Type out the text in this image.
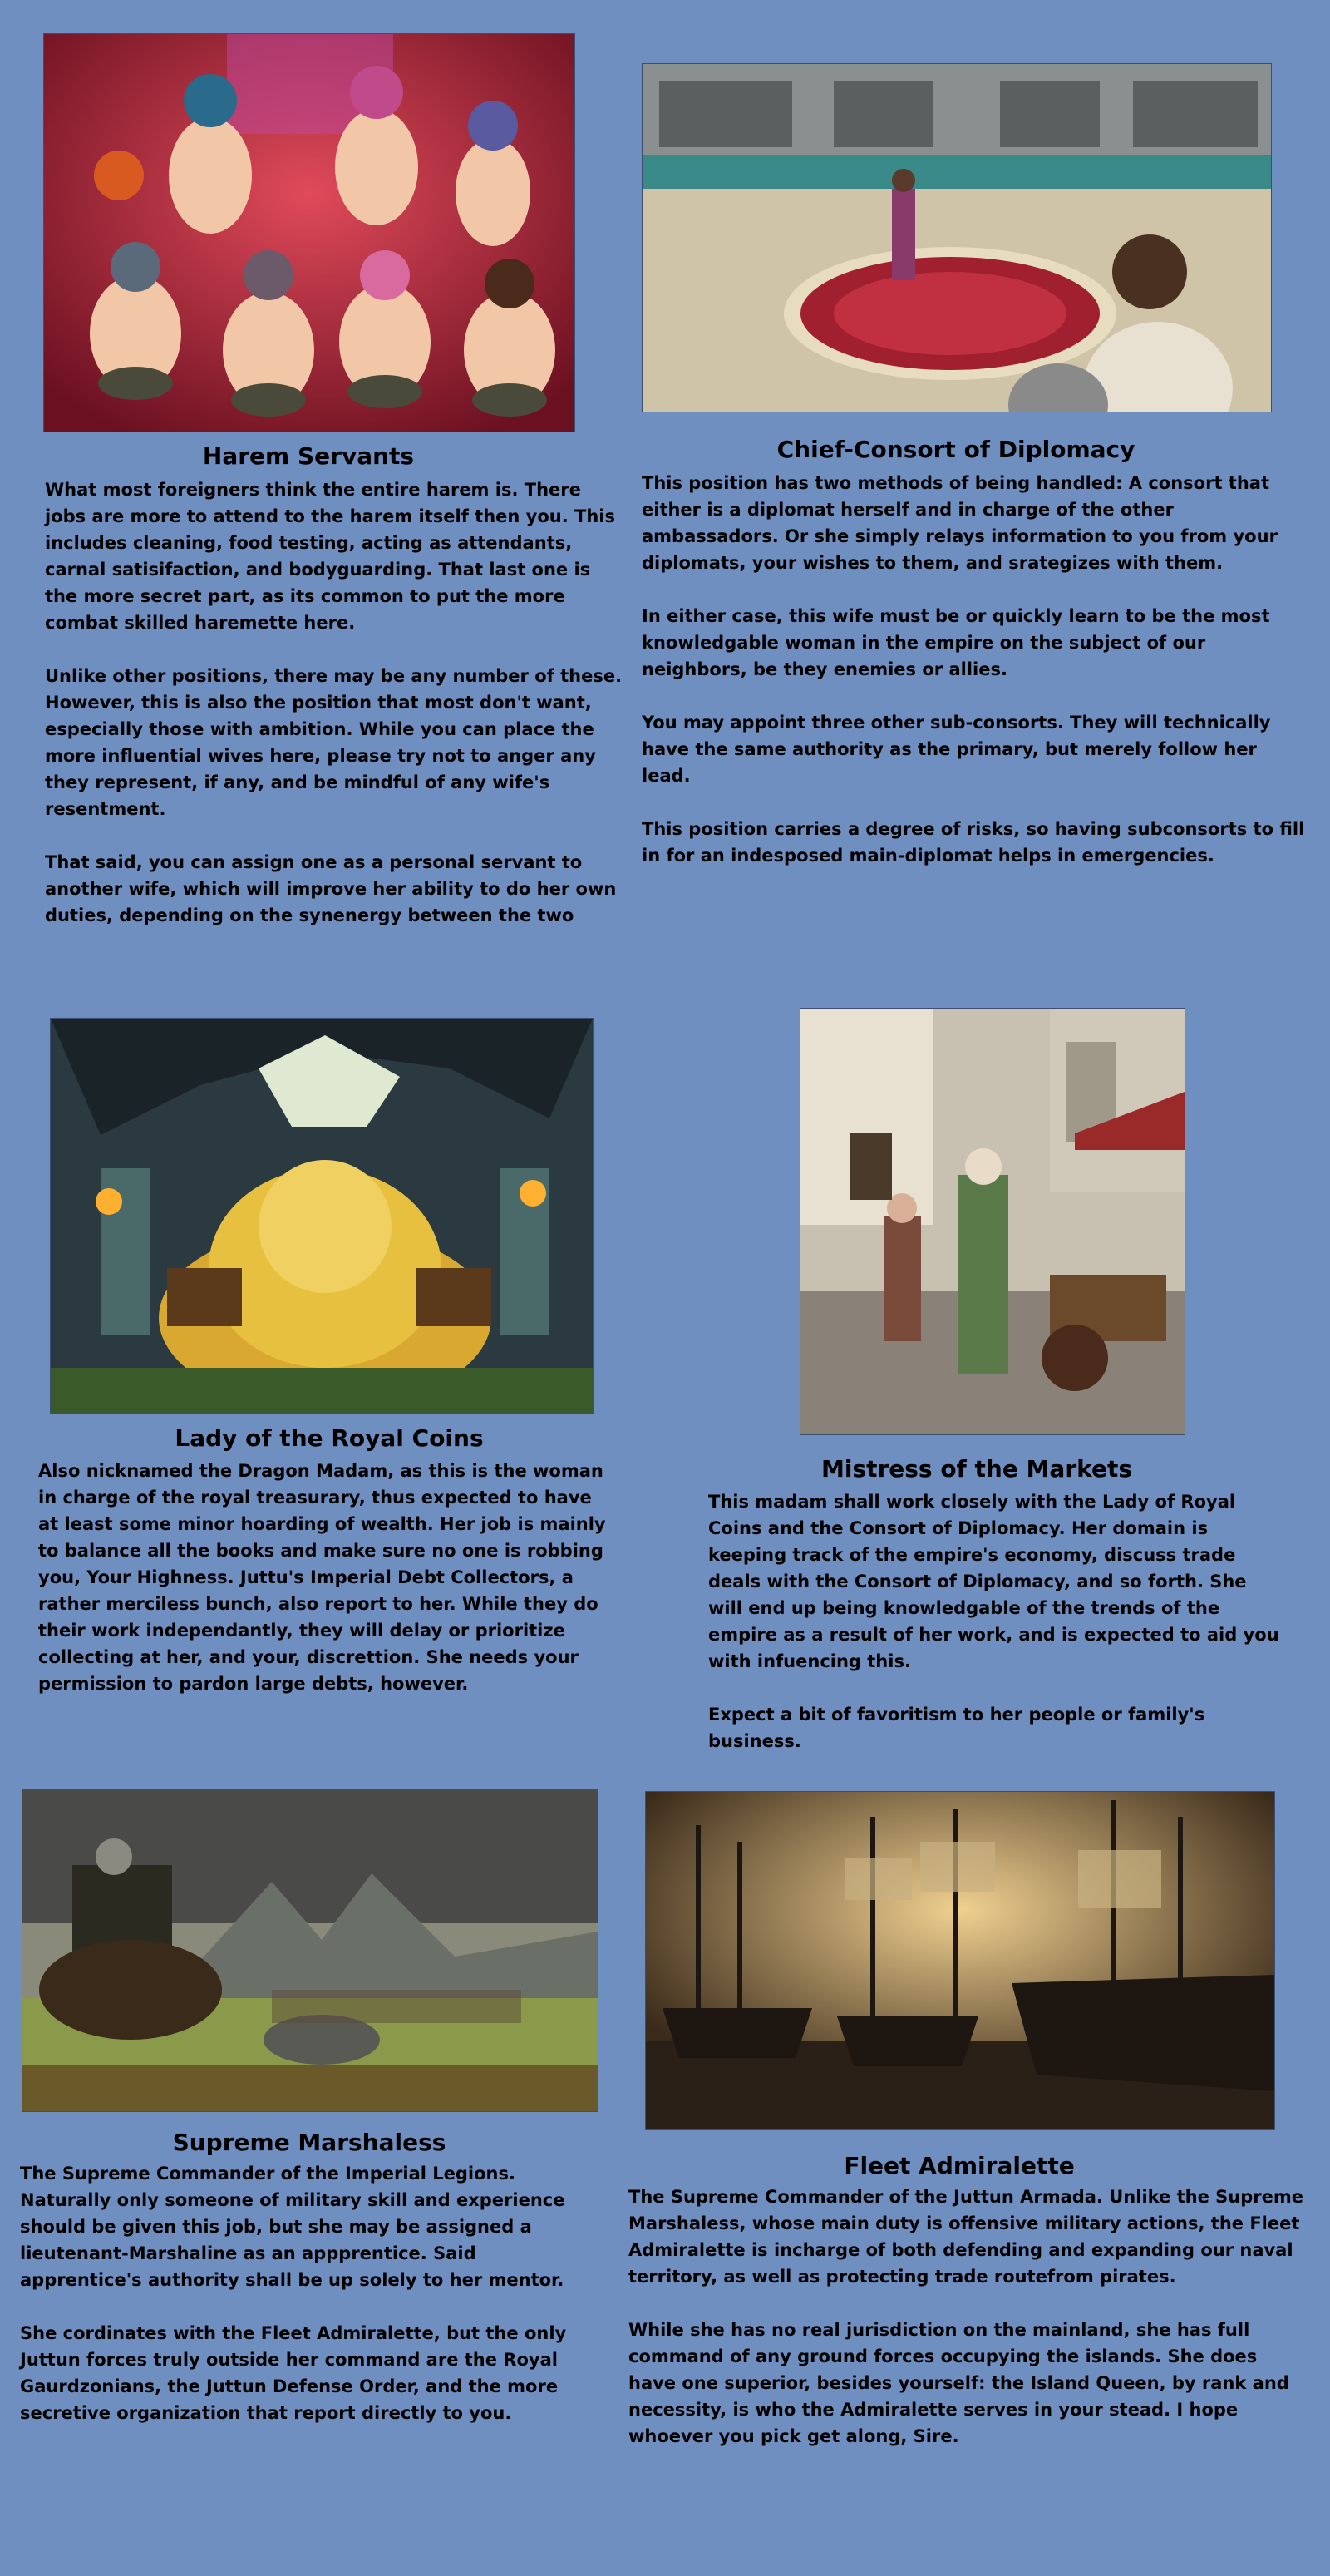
Harem Servants

What most foreigners think the entire harem is. There jobs are more to attend to the harem itself then you. This includes cleaning, food testing, acting as attendants, carnal satisifaction, and bodyguarding. That last one is the more secret part, as its common to put the more combat skilled haremette here.

Unlike other positions, there may be any number of these. However, this is also the position that most don't want, especially those with ambition. While you can place the more influential wives here, please try not to anger any they represent, if any, and be mindful of any wife's resentment.

That said, you can assign one as a personal servant to another wife, which will improve her ability to do her own duties, depending on the synenergy between the two

Chief-Consort of Diplomacy

This position has two methods of being handled: A consort that either is a diplomat herself and in charge of the other ambassadors. Or she simply relays information to you from your diplomats, your wishes to them, and srategizes with them.

In either case, this wife must be or quickly learn to be the most knowledgable woman in the empire on the subject of our neighbors, be they enemies or allies.

You may appoint three other sub-consorts. They will technically have the same authority as the primary, but merely follow her lead.

This position carries a degree of risks, so having subconsorts to fill in for an indesposed main-diplomat helps in emergencies.

Lady of the Royal Coins

Also nicknamed the Dragon Madam, as this is the woman in charge of the royal treasurary, thus expected to have at least some minor hoarding of wealth. Her job is mainly to balance all the books and make sure no one is robbing you, Your Highness. Juttu's Imperial Debt Collectors, a rather merciless bunch, also report to her. While they do their work independantly, they will delay or prioritize collecting at her, and your, discrettion. She needs your permission to pardon large debts, however.

Mistress of the Markets

This madam shall work closely with the Lady of Royal Coins and the Consort of Diplomacy. Her domain is keeping track of the empire's economy, discuss trade deals with the Consort of Diplomacy, and so forth. She will end up being knowledgable of the trends of the empire as a result of her work, and is expected to aid you with infuencing this.

Expect a bit of favoritism to her people or family's business.

Supreme Marshaless

The Supreme Commander of the Imperial Legions. Naturally only someone of military skill and experience should be given this job, but she may be assigned a lieutenant-Marshaline as an appprentice. Said apprentice's authority shall be up solely to her mentor.

She cordinates with the Fleet Admiralette, but the only Juttun forces truly outside her command are the Royal Gaurdzonians, the Juttun Defense Order, and the more secretive organization that report directly to you.

Fleet Admiralette

The Supreme Commander of the Juttun Armada. Unlike the Supreme Marshaless, whose main duty is offensive military actions, the Fleet Admiralette is incharge of both defending and expanding our naval territory, as well as protecting trade routefrom pirates.

While she has no real jurisdiction on the mainland, she has full command of any ground forces occupying the islands. She does have one superior, besides yourself: the Island Queen, by rank and necessity, is who the Admiralette serves in your stead. I hope whoever you pick get along, Sire.
